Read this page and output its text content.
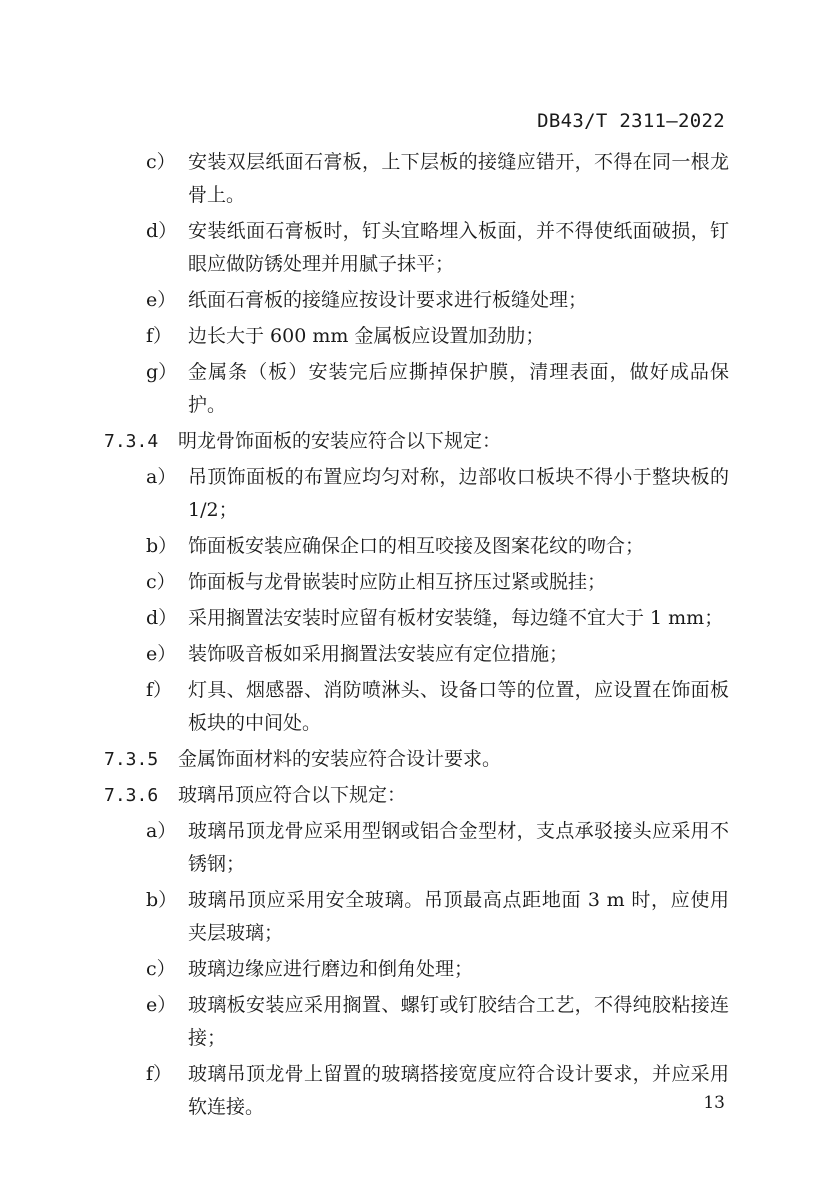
DB43/T 2311—2022
c） 安装双层纸面石膏板，上下层板的接缝应错开，不得在同一根龙骨上。
d） 安装纸面石膏板时，钉头宜略埋入板面，并不得使纸面破损，钉眼应做防锈处理并用腻子抹平；
e） 纸面石膏板的接缝应按设计要求进行板缝处理；
f） 边长大于 600 mm 金属板应设置加劲肋；
g） 金属条（板）安装完后应撕掉保护膜，清理表面，做好成品保护。
7.3.4 明龙骨饰面板的安装应符合以下规定：
a） 吊顶饰面板的布置应均匀对称，边部收口板块不得小于整块板的 1/2；
b） 饰面板安装应确保企口的相互咬接及图案花纹的吻合；
c） 饰面板与龙骨嵌装时应防止相互挤压过紧或脱挂；
d） 采用搁置法安装时应留有板材安装缝，每边缝不宜大于 1 mm；
e） 装饰吸音板如采用搁置法安装应有定位措施；
f） 灯具、烟感器、消防喷淋头、设备口等的位置，应设置在饰面板板块的中间处。
7.3.5 金属饰面材料的安装应符合设计要求。
7.3.6 玻璃吊顶应符合以下规定：
a） 玻璃吊顶龙骨应采用型钢或铝合金型材，支点承驳接头应采用不锈钢；
b） 玻璃吊顶应采用安全玻璃。吊顶最高点距地面 3 m 时，应使用夹层玻璃；
c） 玻璃边缘应进行磨边和倒角处理；
e） 玻璃板安装应采用搁置、螺钉或钉胶结合工艺，不得纯胶粘接连接；
f） 玻璃吊顶龙骨上留置的玻璃搭接宽度应符合设计要求，并应采用软连接。	13
